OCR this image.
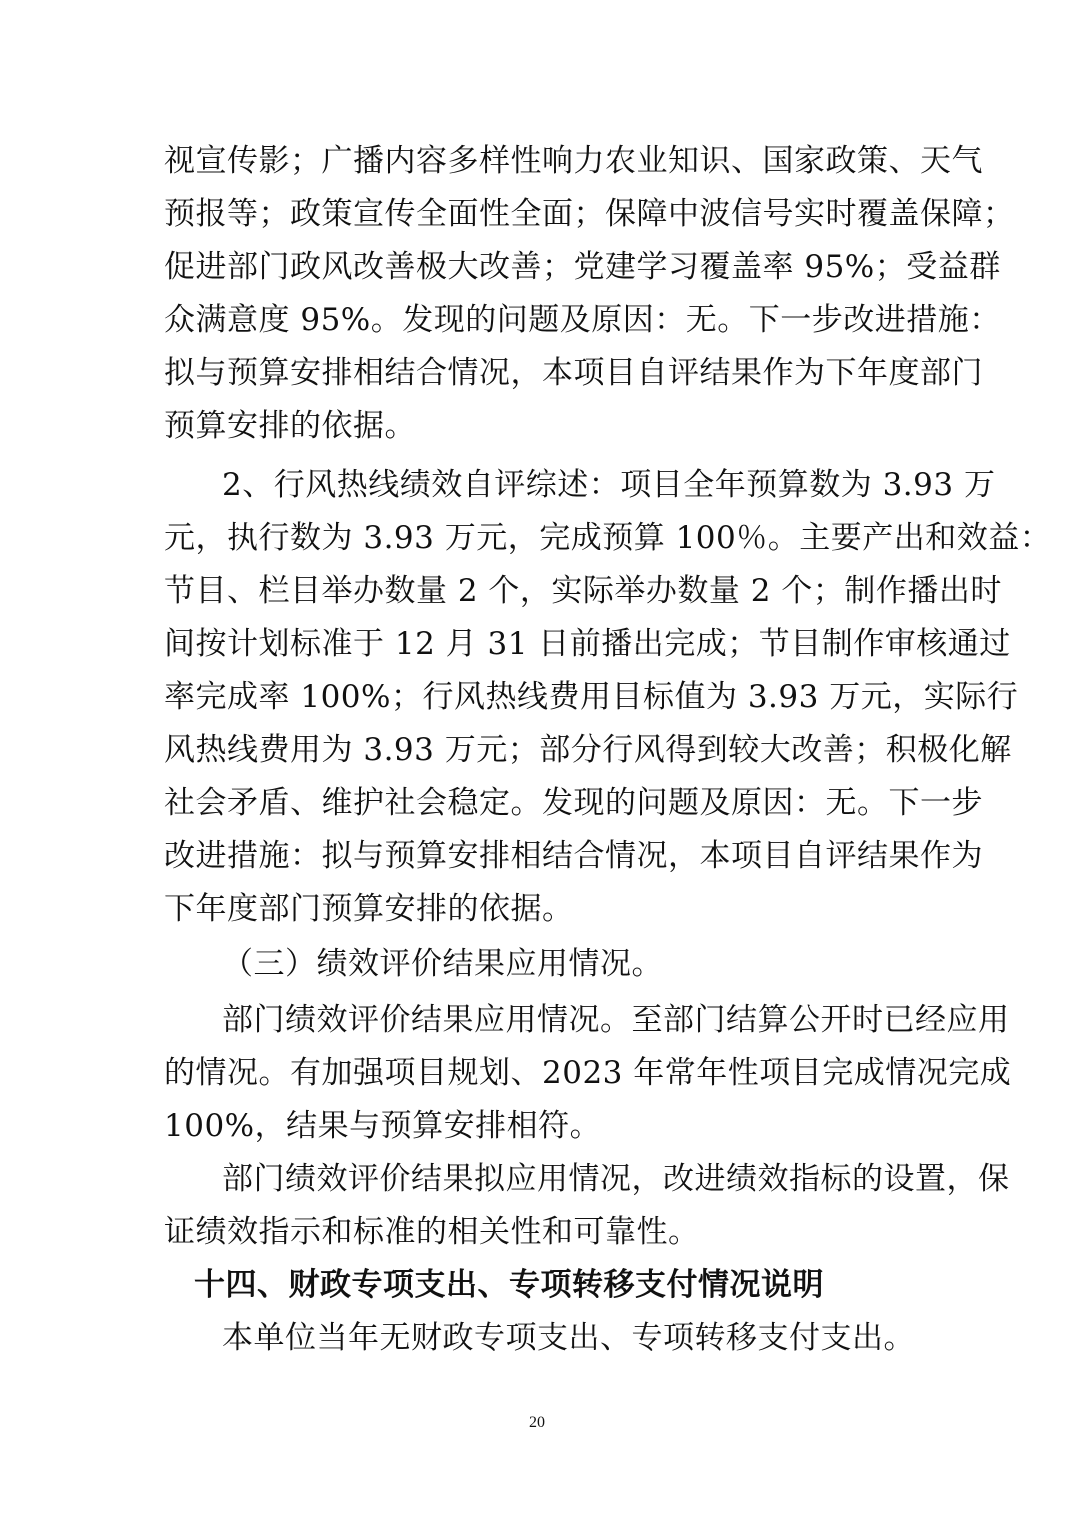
视宣传影；广播内容多样性响力农业知识、国家政策、天气
预报等；政策宣传全面性全面；保障中波信号实时覆盖保障；
促进部门政风改善极大改善；党建学习覆盖率 95%；受益群
众满意度 95%。发现的问题及原因：无。下一步改进措施：
拟与预算安排相结合情况，本项目自评结果作为下年度部门
预算安排的依据。
2、行风热线绩效自评综述：项目全年预算数为 3.93 万
元，执行数为 3.93 万元，完成预算 100％。主要产出和效益：
节目、栏目举办数量 2 个，实际举办数量 2 个；制作播出时
间按计划标准于 12 月 31 日前播出完成；节目制作审核通过
率完成率 100%；行风热线费用目标值为 3.93 万元，实际行
风热线费用为 3.93 万元；部分行风得到较大改善；积极化解
社会矛盾、维护社会稳定。发现的问题及原因：无。下一步
改进措施：拟与预算安排相结合情况，本项目自评结果作为
下年度部门预算安排的依据。
（三）绩效评价结果应用情况。
部门绩效评价结果应用情况。至部门结算公开时已经应用
的情况。有加强项目规划、2023 年常年性项目完成情况完成
100%，结果与预算安排相符。
部门绩效评价结果拟应用情况，改进绩效指标的设置，保
证绩效指示和标准的相关性和可靠性。
十四、财政专项支出、专项转移支付情况说明
本单位当年无财政专项支出、专项转移支付支出。
20
